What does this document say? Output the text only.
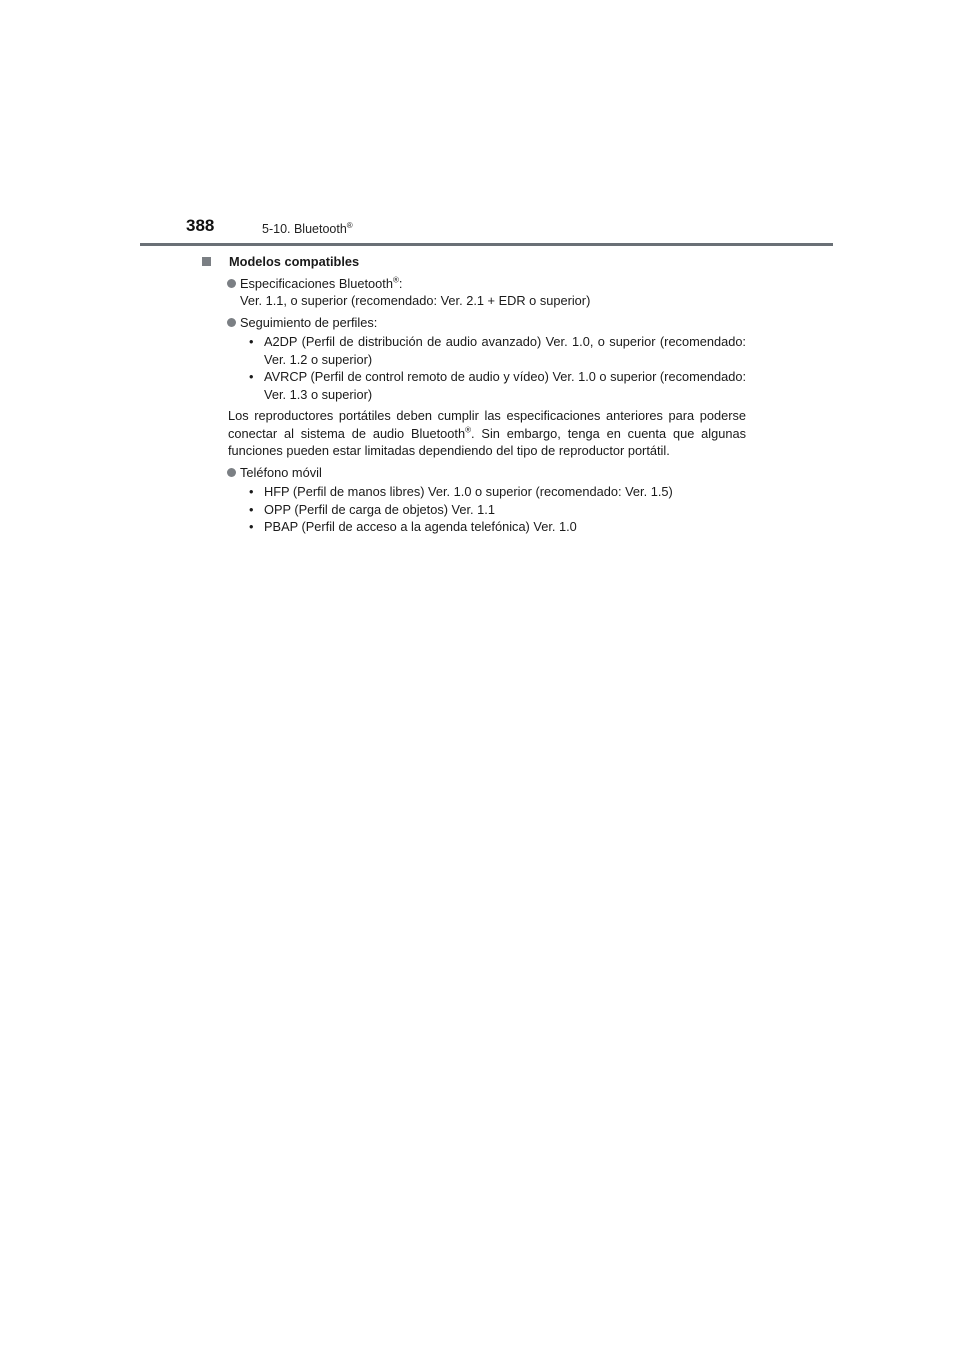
388	5-10. Bluetooth®
Modelos compatibles
Especificaciones Bluetooth®:
Ver. 1.1, o superior (recomendado: Ver. 2.1 + EDR o superior)
Seguimiento de perfiles:
• A2DP (Perfil de distribución de audio avanzado) Ver. 1.0, o superior (recomendado: Ver. 1.2 o superior)
• AVRCP (Perfil de control remoto de audio y vídeo) Ver. 1.0 o superior (recomendado: Ver. 1.3 o superior)
Los reproductores portátiles deben cumplir las especificaciones anteriores para poderse conectar al sistema de audio Bluetooth®. Sin embargo, tenga en cuenta que algunas funciones pueden estar limitadas dependiendo del tipo de reproductor portátil.
Teléfono móvil
• HFP (Perfil de manos libres) Ver. 1.0 o superior (recomendado: Ver. 1.5)
• OPP (Perfil de carga de objetos) Ver. 1.1
• PBAP (Perfil de acceso a la agenda telefónica) Ver. 1.0
